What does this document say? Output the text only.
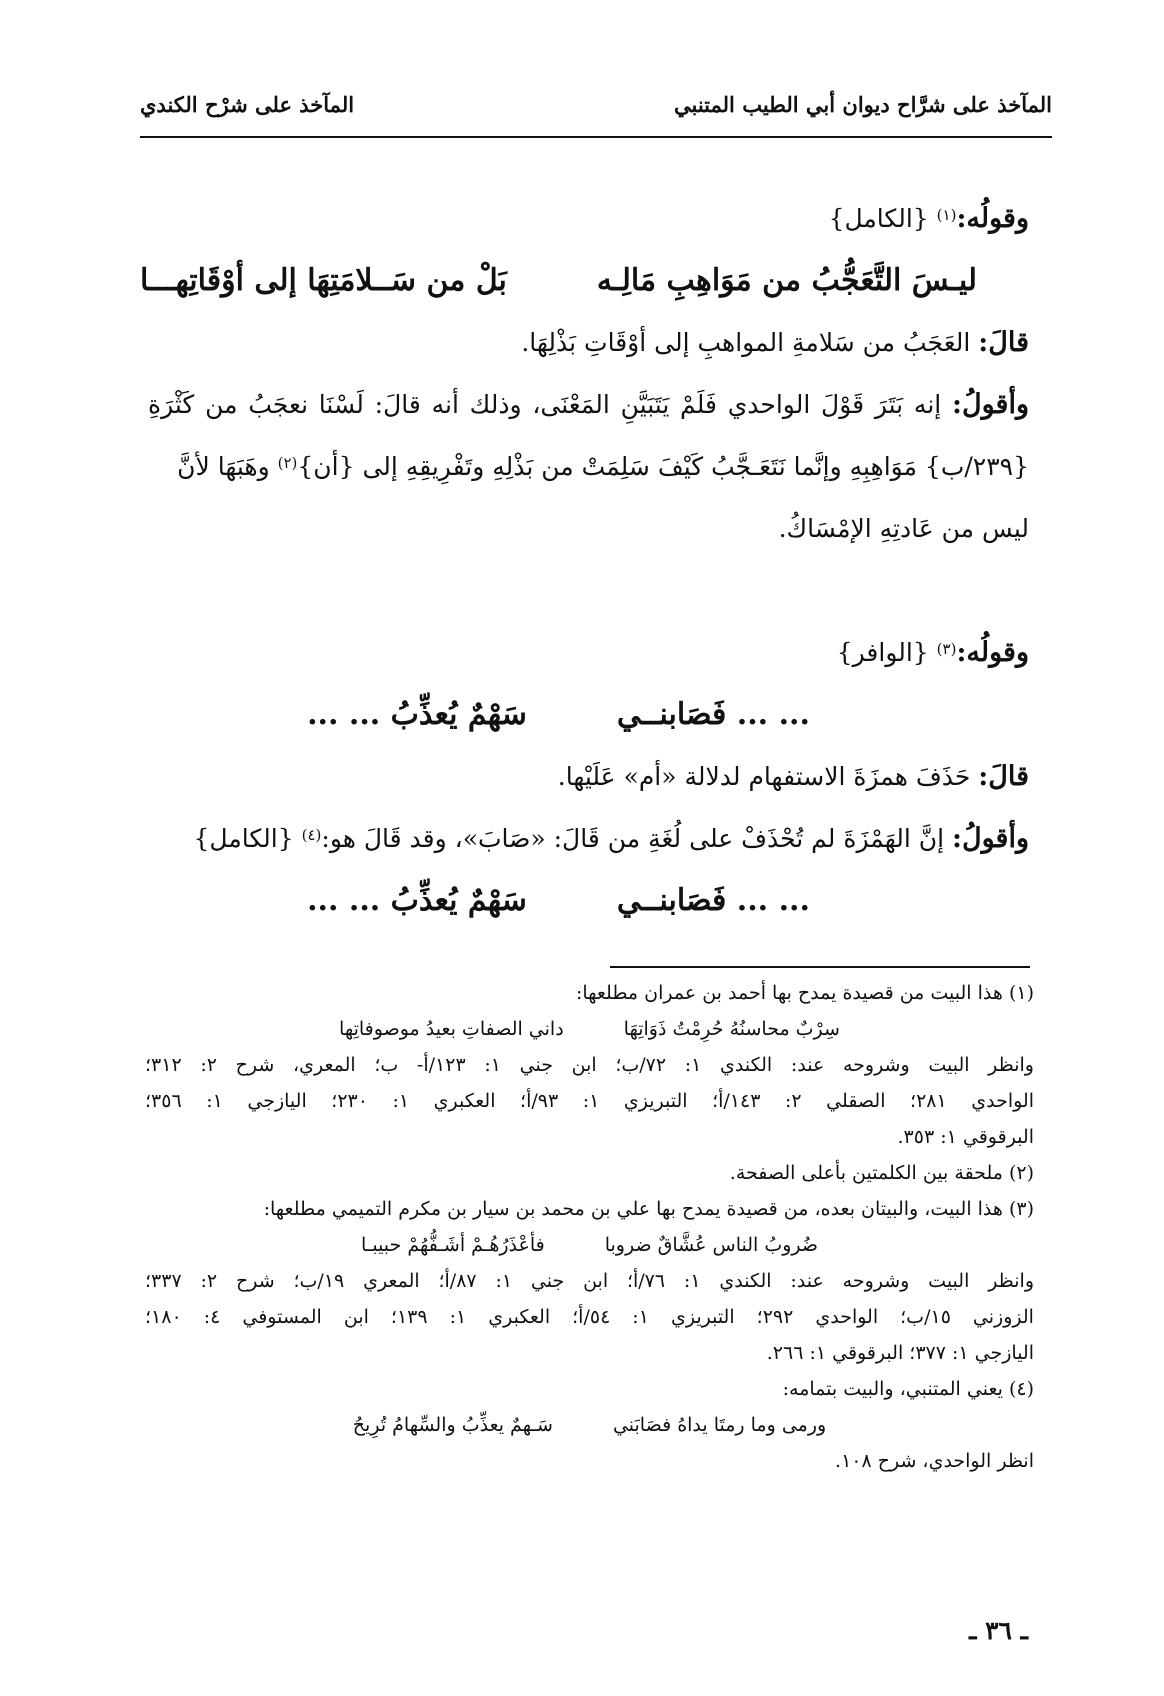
المآخذ على شرَّاح ديوان أبي الطيب المتنبي
المآخذ على شرْح الكندي
وقولُه:$^{(١)}$ {الكامل}
ليـسَ التَّعَجُّبُ من مَوَاهِبِ مَالِـه
بَلْ من سَــلامَتِهَا إلى أوْقَاتِهـــا
قالَ: العَجَبُ من سَلامةِ المواهبِ إلى أوْقَاتِ بَذْلِهَا.
وأقولُ: إنه بَتَرَ قَوْلَ الواحدي فَلَمْ يَتَبَيَّنِ المَعْنَى، وذلك أنه قالَ: لَسْنَا نعجَبُ من كَثْرَةِ
{٢٣٩/ب} مَوَاهِبِهِ وإنَّما نَتَعَـجَّبُ كَيْفَ سَلِمَتْ من بَذْلِهِ وتَفْرِيقِهِ إلى {أن}$^{(٢)}$ وهَبَهَا لأنَّ
ليس من عَادتِهِ الإمْسَاكُ.
وقولُه:$^{(٣)}$ {الوافر}
... ... فَصَابنــي
سَهْمٌ يُعذِّبُ ... ...
قالَ: حَذَفَ همزَةَ الاستفهام لدلالة «أم» عَلَيْها.
وأقولُ: إنَّ الهَمْزَةَ لم تُحْذَفْ على لُغَةِ من قَالَ: «صَابَ»، وقد قَالَ هو:$^{(٤)}$ {الكامل}
... ... فَصَابنــي
سَهْمٌ يُعذِّبُ ... ...
(١) هذا البيت من قصيدة يمدح بها أحمد بن عمران مطلعها:
سِرْبٌ محاسنُهُ حُرِمْتُ ذَوَاتِهَا
داني الصفاتِ بعيدُ موصوفاتِها
وانظر البيت وشروحه عند: الكندي ١: ٧٢/ب؛ ابن جني ١: ١٢٣/أ- ب؛ المعري، شرح ٢: ٣١٢؛
الواحدي ٢٨١؛ الصقلي ٢: ١٤٣/أ؛ التبريزي ١: ٩٣/أ؛ العكبري ١: ٢٣٠؛ اليازجي ١: ٣٥٦؛
البرقوقي ١: ٣٥٣.
(٢) ملحقة بين الكلمتين بأعلى الصفحة.
(٣) هذا البيت، والبيتان بعده، من قصيدة يمدح بها علي بن محمد بن سيار بن مكرم التميمي مطلعها:
ضُروبُ الناس عُشَّاقٌ ضروبا
فأعْذَرُهُـمْ أشَـفُّهُمْ حبيبـا
وانظر البيت وشروحه عند: الكندي ١: ٧٦/أ؛ ابن جني ١: ٨٧/أ؛ المعري ١٩/ب؛ شرح ٢: ٣٣٧؛
الزوزني ١٥/ب؛ الواحدي ٢٩٢؛ التبريزي ١: ٥٤/أ؛ العكبري ١: ١٣٩؛ ابن المستوفي ٤: ١٨٠؛
اليازجي ١: ٣٧٧؛ البرقوقي ١: ٢٦٦.
(٤) يعني المتنبي، والبيت بتمامه:
ورمى وما رمتَا يداهُ فصَابَني
سَـهمٌ يعذِّبُ والسِّهامُ تُرِيحُ
انظر الواحدي، شرح ١٠٨.
ـ ٣٦ ـ
